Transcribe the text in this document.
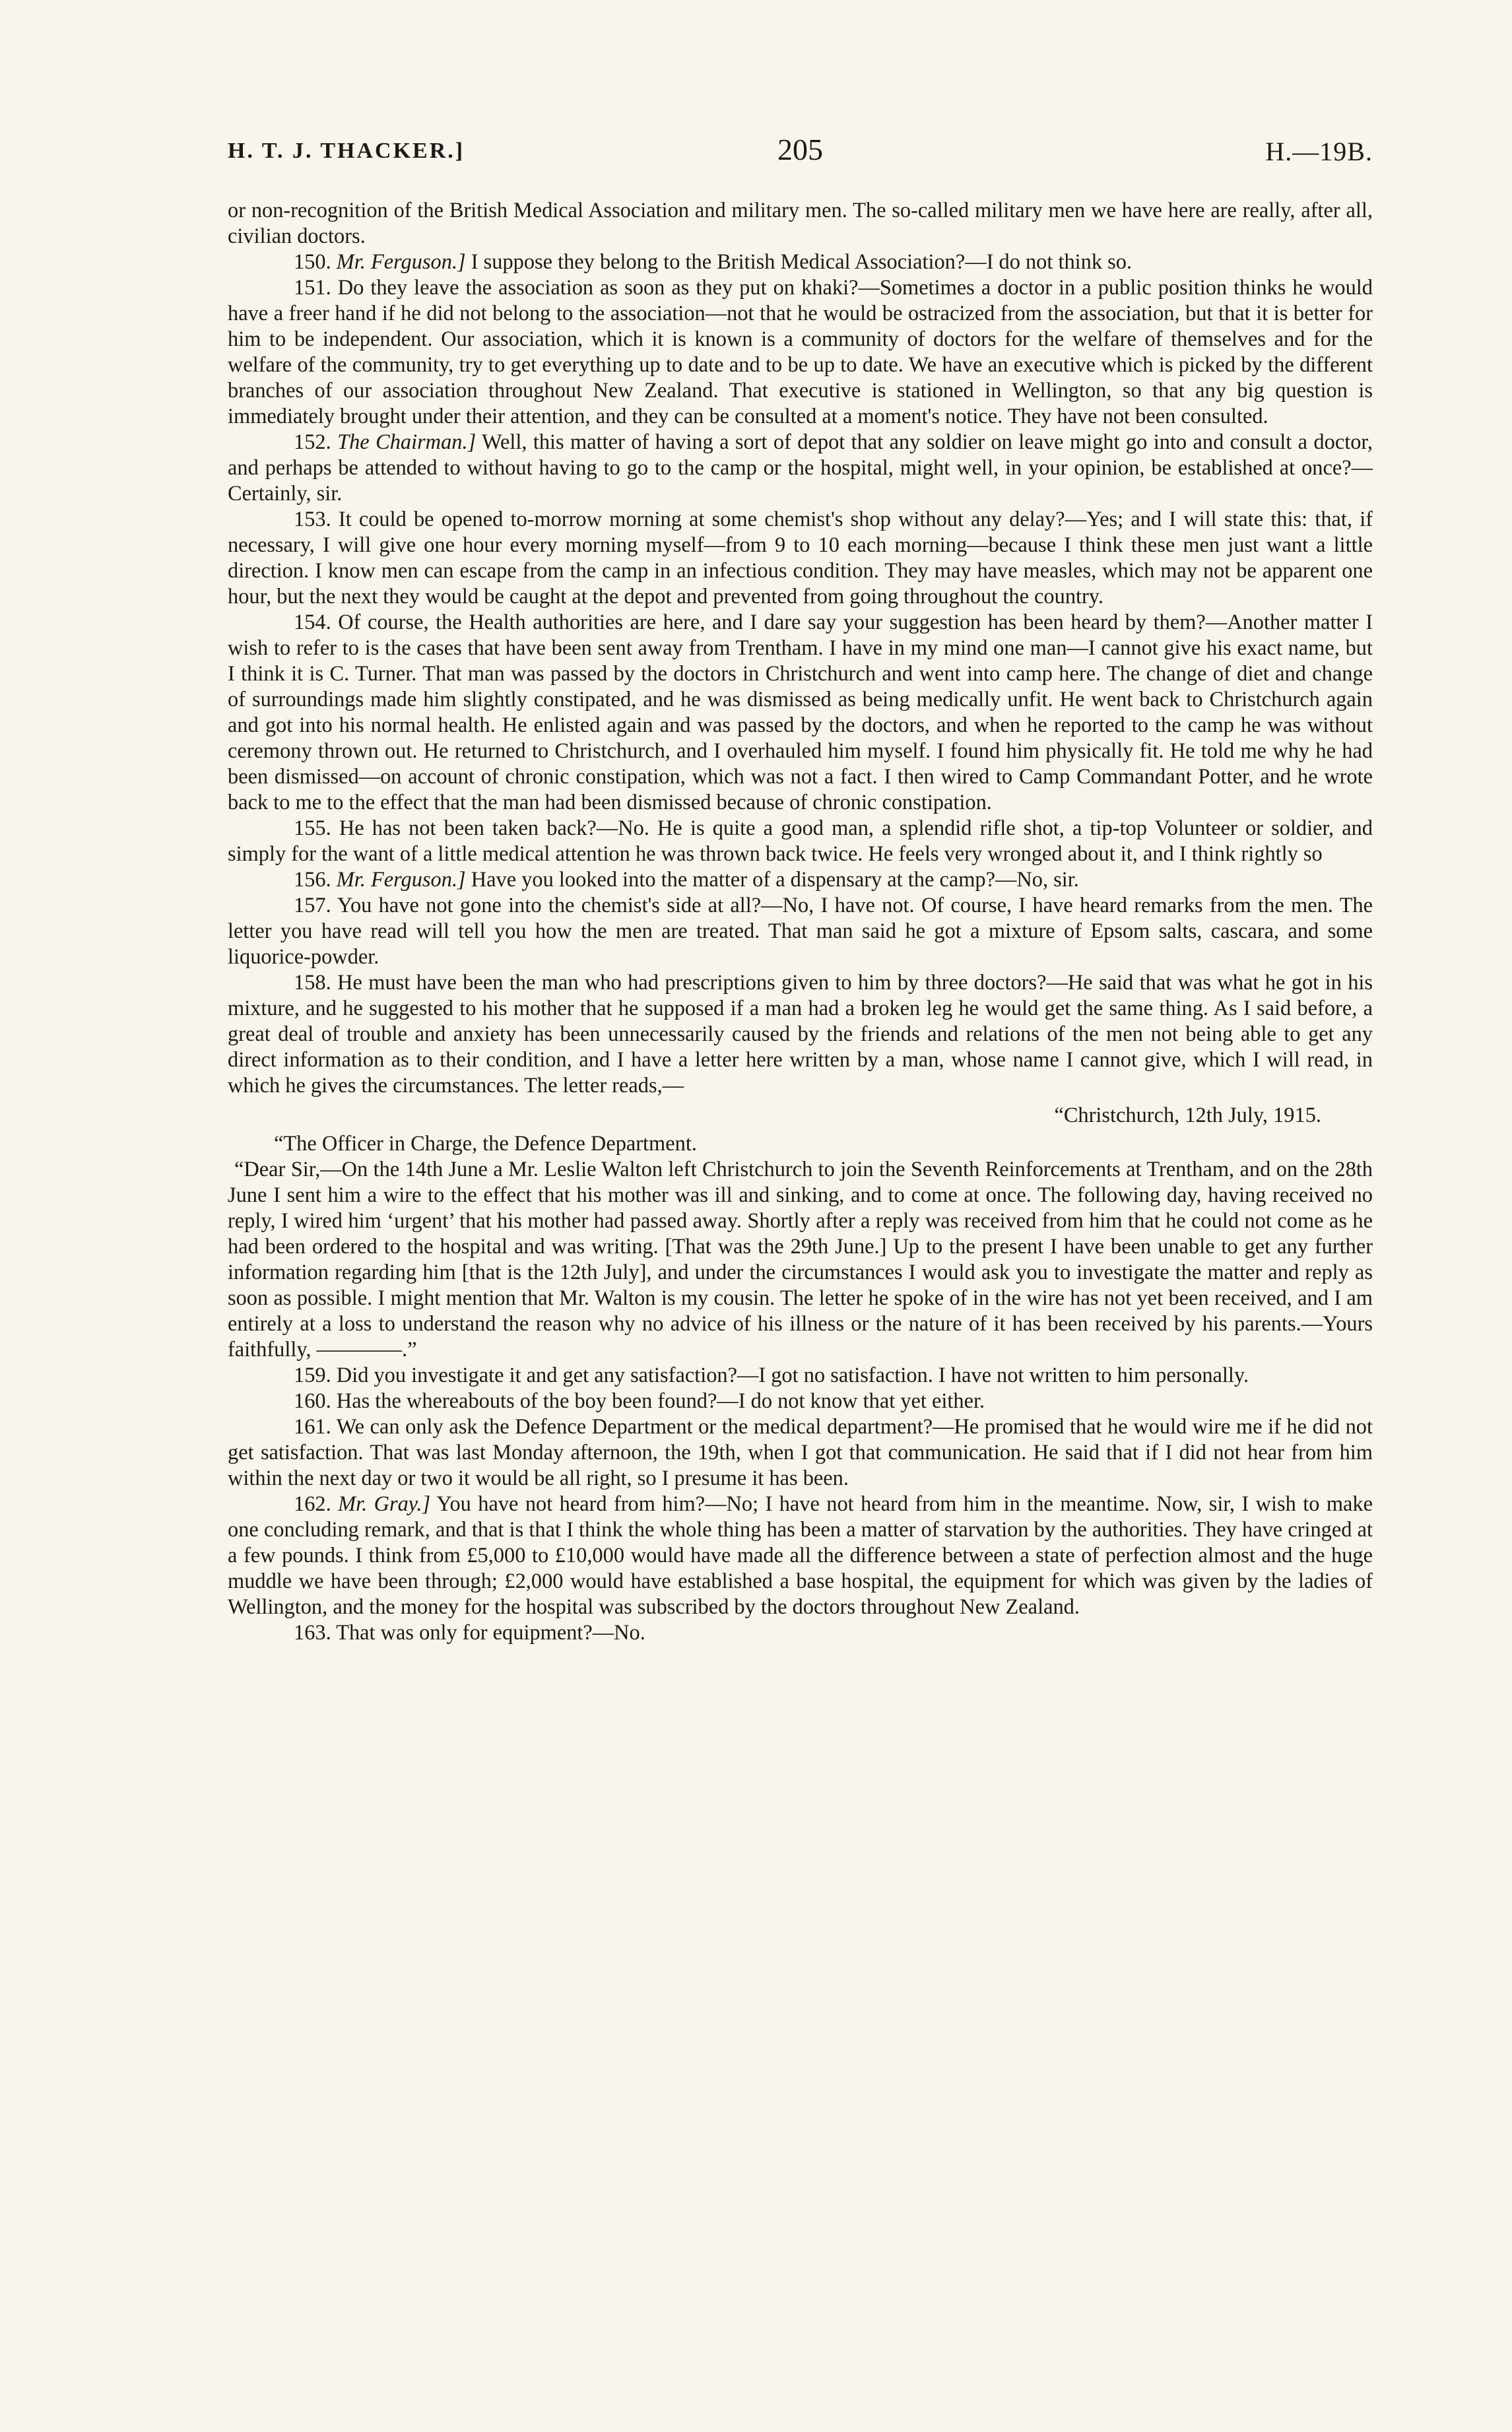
H. T. J. THACKER.]	205	H.—19B.

or non-recognition of the British Medical Association and military men. The so-called military men we have here are really, after all, civilian doctors.

150. Mr. Ferguson.] I suppose they belong to the British Medical Association?—I do not think so.

151. Do they leave the association as soon as they put on khaki?—Sometimes a doctor in a public position thinks he would have a freer hand if he did not belong to the association—not that he would be ostracized from the association, but that it is better for him to be independent. Our association, which it is known is a community of doctors for the welfare of themselves and for the welfare of the community, try to get everything up to date and to be up to date. We have an executive which is picked by the different branches of our association throughout New Zealand. That executive is stationed in Wellington, so that any big question is immediately brought under their attention, and they can be consulted at a moment's notice. They have not been consulted.

152. The Chairman.] Well, this matter of having a sort of depot that any soldier on leave might go into and consult a doctor, and perhaps be attended to without having to go to the camp or the hospital, might well, in your opinion, be established at once?—Certainly, sir.

153. It could be opened to-morrow morning at some chemist's shop without any delay?—Yes; and I will state this: that, if necessary, I will give one hour every morning myself—from 9 to 10 each morning—because I think these men just want a little direction. I know men can escape from the camp in an infectious condition. They may have measles, which may not be apparent one hour, but the next they would be caught at the depot and prevented from going throughout the country.

154. Of course, the Health authorities are here, and I dare say your suggestion has been heard by them?—Another matter I wish to refer to is the cases that have been sent away from Trentham. I have in my mind one man—I cannot give his exact name, but I think it is C. Turner. That man was passed by the doctors in Christchurch and went into camp here. The change of diet and change of surroundings made him slightly constipated, and he was dismissed as being medically unfit. He went back to Christchurch again and got into his normal health. He enlisted again and was passed by the doctors, and when he reported to the camp he was without ceremony thrown out. He returned to Christchurch, and I overhauled him myself. I found him physically fit. He told me why he had been dismissed—on account of chronic constipation, which was not a fact. I then wired to Camp Commandant Potter, and he wrote back to me to the effect that the man had been dismissed because of chronic constipation.

155. He has not been taken back?—No. He is quite a good man, a splendid rifle shot, a tip-top Volunteer or soldier, and simply for the want of a little medical attention he was thrown back twice. He feels very wronged about it, and I think rightly so

156. Mr. Ferguson.] Have you looked into the matter of a dispensary at the camp?—No, sir.

157. You have not gone into the chemist's side at all?—No, I have not. Of course, I have heard remarks from the men. The letter you have read will tell you how the men are treated. That man said he got a mixture of Epsom salts, cascara, and some liquorice-powder.

158. He must have been the man who had prescriptions given to him by three doctors?—He said that was what he got in his mixture, and he suggested to his mother that he supposed if a man had a broken leg he would get the same thing. As I said before, a great deal of trouble and anxiety has been unnecessarily caused by the friends and relations of the men not being able to get any direct information as to their condition, and I have a letter here written by a man, whose name I cannot give, which I will read, in which he gives the circumstances. The letter reads,—

“Christchurch, 12th July, 1915.

“The Officer in Charge, the Defence Department.

“Dear Sir,—On the 14th June a Mr. Leslie Walton left Christchurch to join the Seventh Reinforcements at Trentham, and on the 28th June I sent him a wire to the effect that his mother was ill and sinking, and to come at once. The following day, having received no reply, I wired him ‘urgent’ that his mother had passed away. Shortly after a reply was received from him that he could not come as he had been ordered to the hospital and was writing. [That was the 29th June.] Up to the present I have been unable to get any further information regarding him [that is the 12th July], and under the circumstances I would ask you to investigate the matter and reply as soon as possible. I might mention that Mr. Walton is my cousin. The letter he spoke of in the wire has not yet been received, and I am entirely at a loss to understand the reason why no advice of his illness or the nature of it has been received by his parents.—Yours faithfully, ————.”

159. Did you investigate it and get any satisfaction?—I got no satisfaction. I have not written to him personally.

160. Has the whereabouts of the boy been found?—I do not know that yet either.

161. We can only ask the Defence Department or the medical department?—He promised that he would wire me if he did not get satisfaction. That was last Monday afternoon, the 19th, when I got that communication. He said that if I did not hear from him within the next day or two it would be all right, so I presume it has been.

162. Mr. Gray.] You have not heard from him?—No; I have not heard from him in the meantime. Now, sir, I wish to make one concluding remark, and that is that I think the whole thing has been a matter of starvation by the authorities. They have cringed at a few pounds. I think from £5,000 to £10,000 would have made all the difference between a state of perfection almost and the huge muddle we have been through; £2,000 would have established a base hospital, the equipment for which was given by the ladies of Wellington, and the money for the hospital was subscribed by the doctors throughout New Zealand.

163. That was only for equipment?—No.
